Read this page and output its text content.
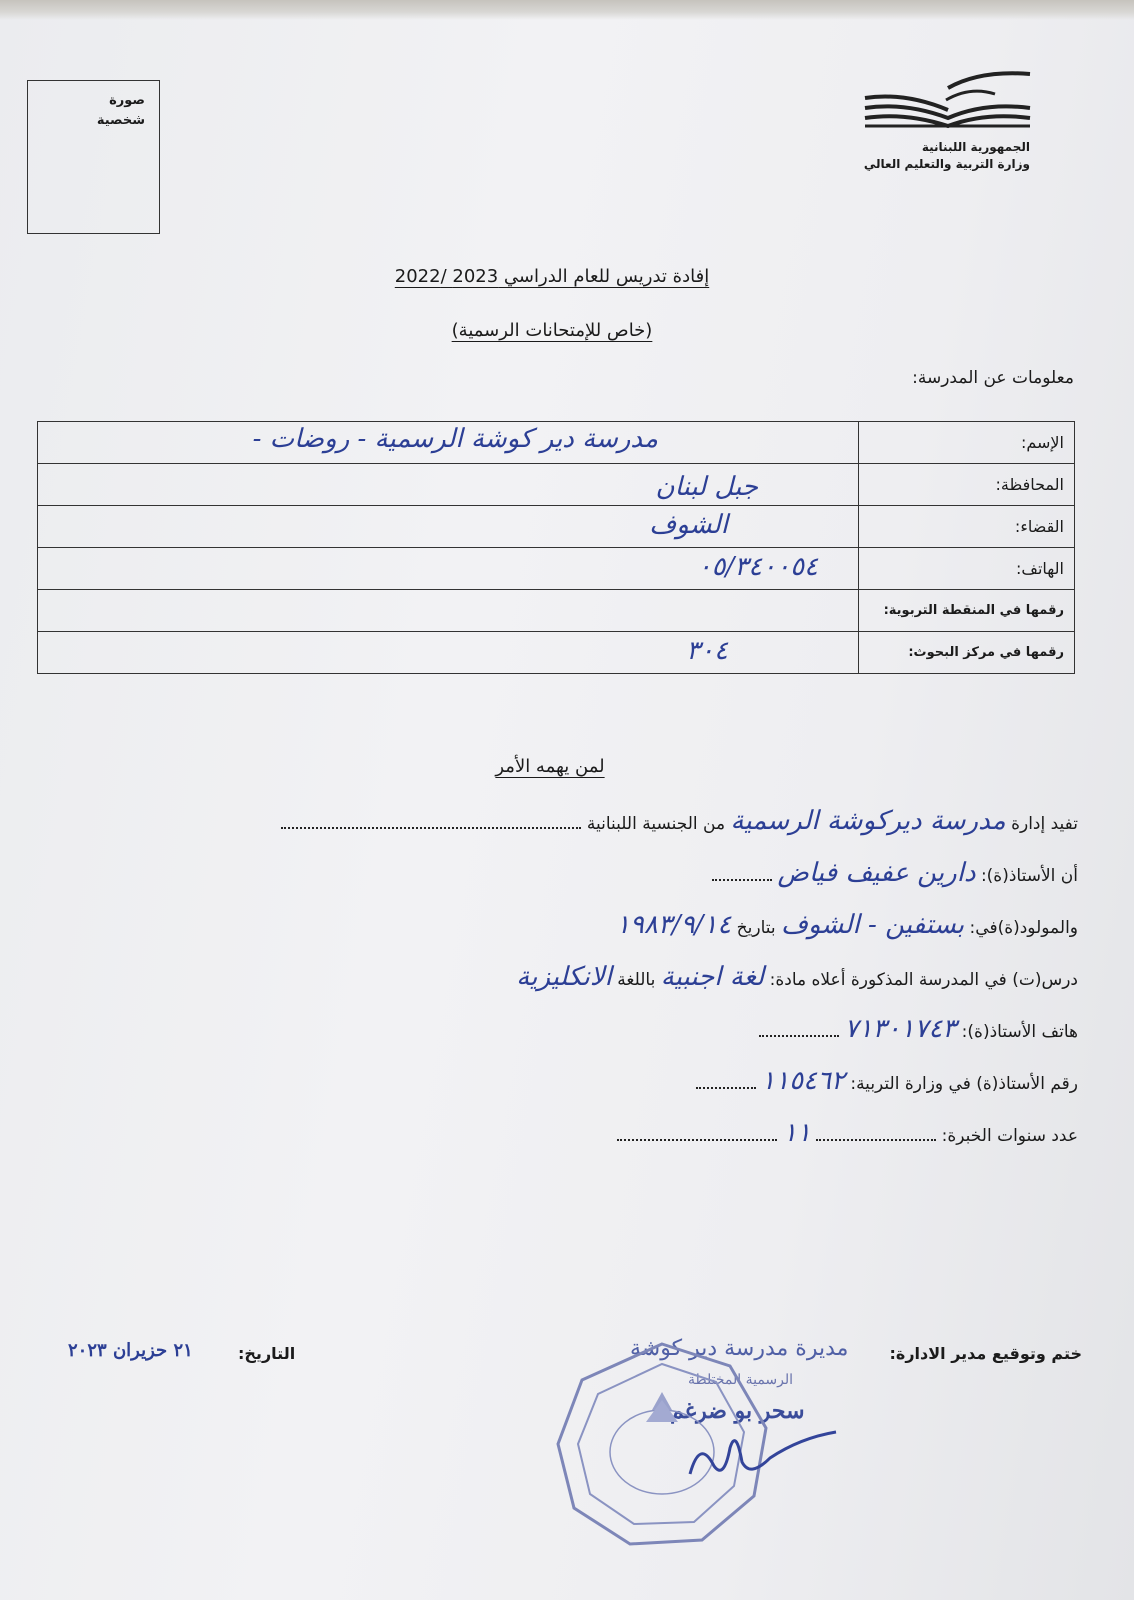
الجمهورية اللبنانية
وزارة التربية والتعليم العالي
صورة
شخصية
إفادة تدريس للعام الدراسي 2023 /2022
(خاص للإمتحانات الرسمية)
معلومات عن المدرسة:
الإسم:	مدرسة دير كوشة الرسمية - روضات -

المحافظة:	جبل لبنان

القضاء:	الشوف

الهاتف:	٠٥/٣٤٠٠٥٤

رقمها في المنقطة التربوية:	

رقمها في مركز البحوث:	٣٠٤
لمن يهمه الأمر
تفيد إدارة مدرسة ديركوشة الرسمية من الجنسية اللبنانية
أن الأستاذ(ة): دارين عفيف فياض
والمولود(ة)في: بستفين - الشوف بتاريخ ١٩٨٣/٩/١٤
درس(ت) في المدرسة المذكورة أعلاه مادة: لغة اجنبية باللغة الانكليزية
هاتف الأستاذ(ة): ٧١٣٠١٧٤٣
رقم الأستاذ(ة) في وزارة التربية: ١١٥٤٦٢
عدد سنوات الخبرة:  ١١
ختم وتوقيع مدير الادارة:
التاريخ:
٢١ حزيران ٢٠٢٣	مديرة مدرسة دير كوشة
الرسمية المختلطة
سحر بو ضرغم
